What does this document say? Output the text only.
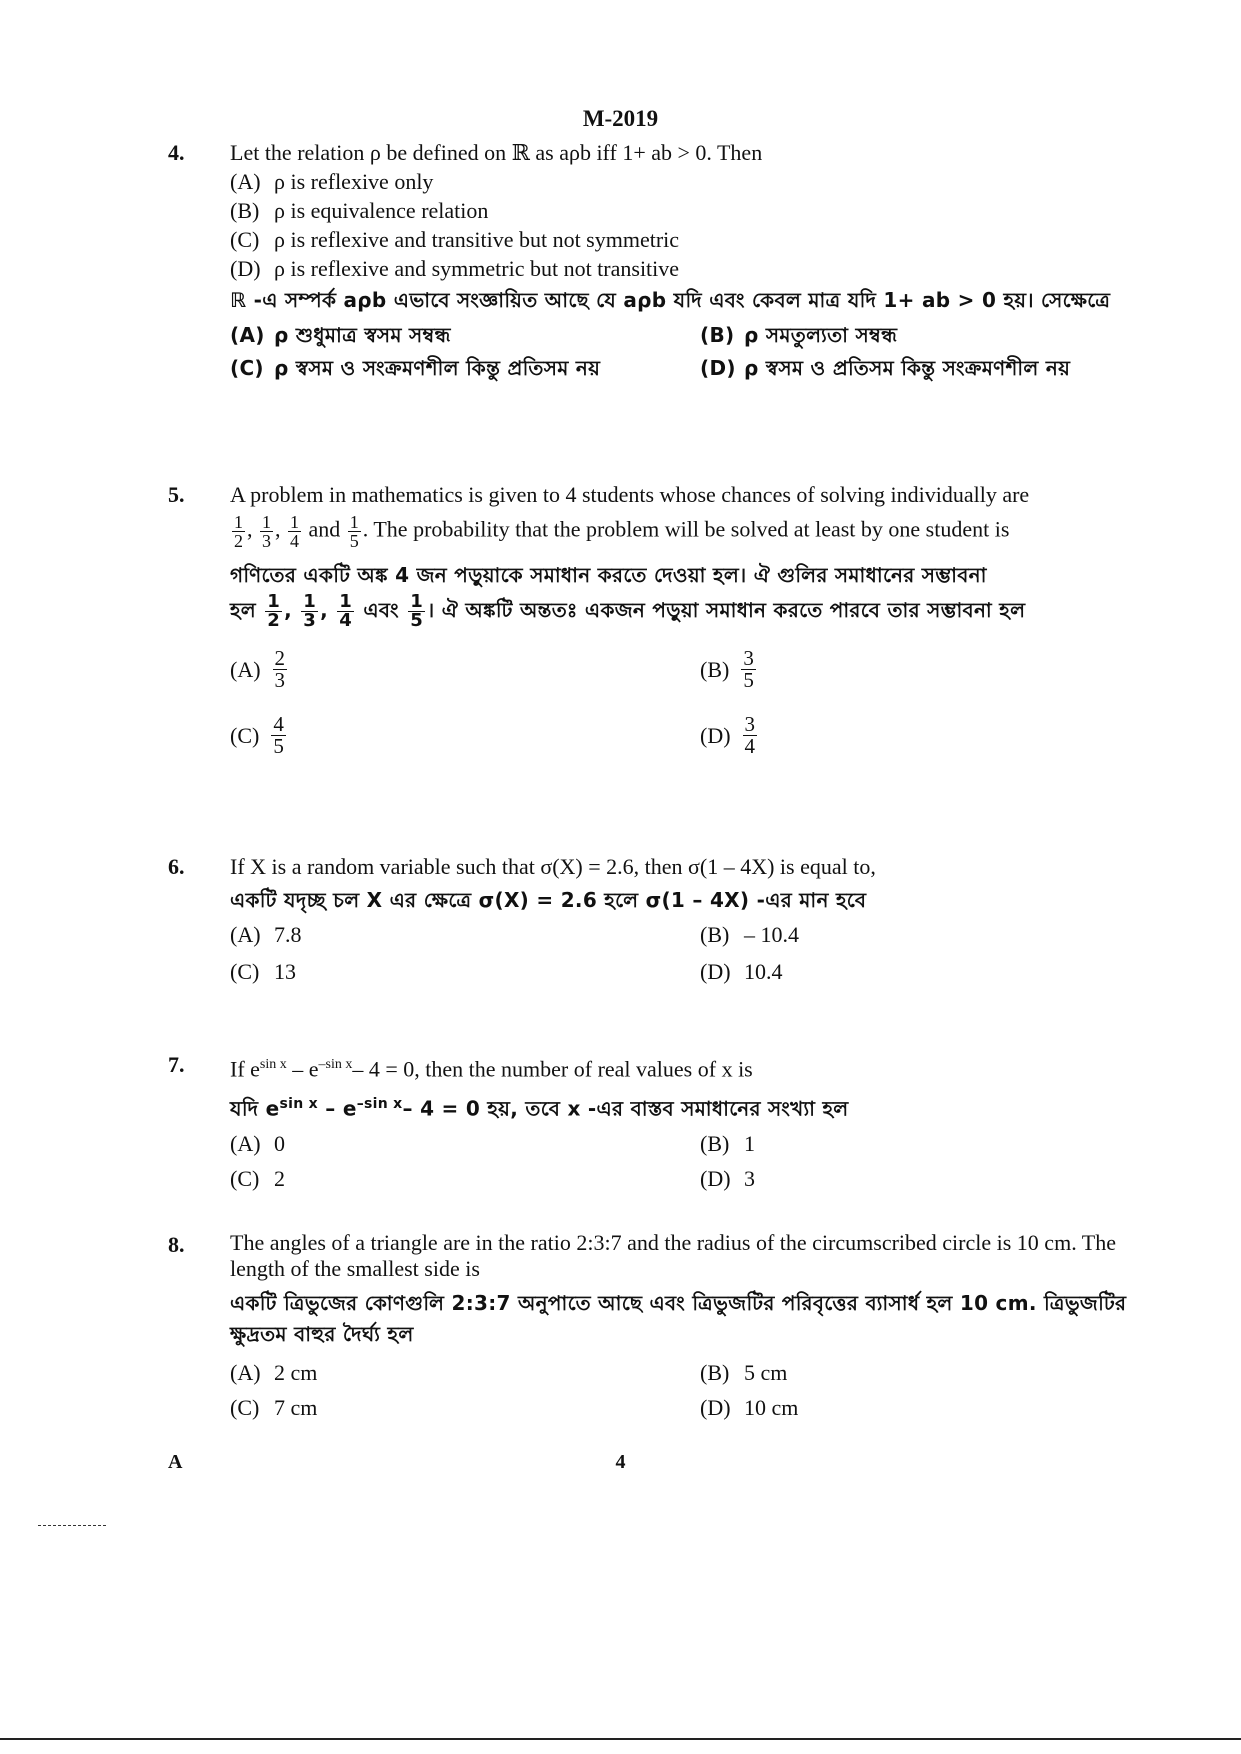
M-2019
4.	Let the relation ρ be defined on ℝ as aρb iff 1+ ab > 0. Then
(A) ρ is reflexive only
(B) ρ is equivalence relation
(C) ρ is reflexive and transitive but not symmetric
(D) ρ is reflexive and symmetric but not transitive
ℝ -এ সম্পর্ক aρb এভাবে সংজ্ঞায়িত আছে যে aρb যদি এবং কেবল মাত্র যদি 1+ ab > 0 হয়। সেক্ষেত্রে
(A) ρ শুধুমাত্র স্বসম সম্বন্ধ	(B) ρ সমতুল্যতা সম্বন্ধ
(C) ρ স্বসম ও সংক্রমণশীল কিন্তু প্রতিসম নয়	(D) ρ স্বসম ও প্রতিসম কিন্তু সংক্রমণশীল নয়
5.	A problem in mathematics is given to 4 students whose chances of solving individually are
$\frac{1}{2}$ , $\frac{1}{3}$ , $\frac{1}{4}$ and $\frac{1}{5}$ . The probability that the problem will be solved at least by one student is
গণিতের একটি অঙ্ক 4 জন পড়ুয়াকে সমাধান করতে দেওয়া হল। ঐ গুলির সমাধানের সম্ভাবনা
হল $\frac{1}{2}$ , $\frac{1}{3}$ , $\frac{1}{4}$ এবং $\frac{1}{5}$ । ঐ অঙ্কটি অন্ততঃ একজন পড়ুয়া সমাধান করতে পারবে তার সম্ভাবনা হল
$(A) \frac{2}{3}$	$(B) \frac{3}{5}$
$(C) \frac{4}{5}$	$(D) \frac{3}{4}$
6.	If X is a random variable such that σ(X) = 2.6, then σ(1 – 4X) is equal to,
একটি যদৃচ্ছ চল X এর ক্ষেত্রে σ(X) = 2.6 হলে σ(1 – 4X) -এর মান হবে
(A) 7.8	(B) – 10.4
(C) 13	(D) 10.4
7.	If $e^{sin x} - e^{-sin x}-$ 4 = 0, then the number of real values of x is
যদি $e^{sin x} - e^{-sin x}-$ 4 = 0 হয়, তবে x -এর বাস্তব সমাধানের সংখ্যা হল
(A) 0	(B) 1
(C) 2	(D) 3
8.	The angles of a triangle are in the ratio 2:3:7 and the radius of the circumscribed circle is 10 cm. The length of the smallest side is
একটি ত্রিভুজের কোণগুলি 2:3:7 অনুপাতে আছে এবং ত্রিভুজটির পরিবৃত্তের ব্যাসার্ধ হল 10 cm. ত্রিভুজটির ক্ষুদ্রতম বাহুর দৈর্ঘ্য হল
(A) 2 cm	(B) 5 cm
(C) 7 cm	(D) 10 cm
A	4
